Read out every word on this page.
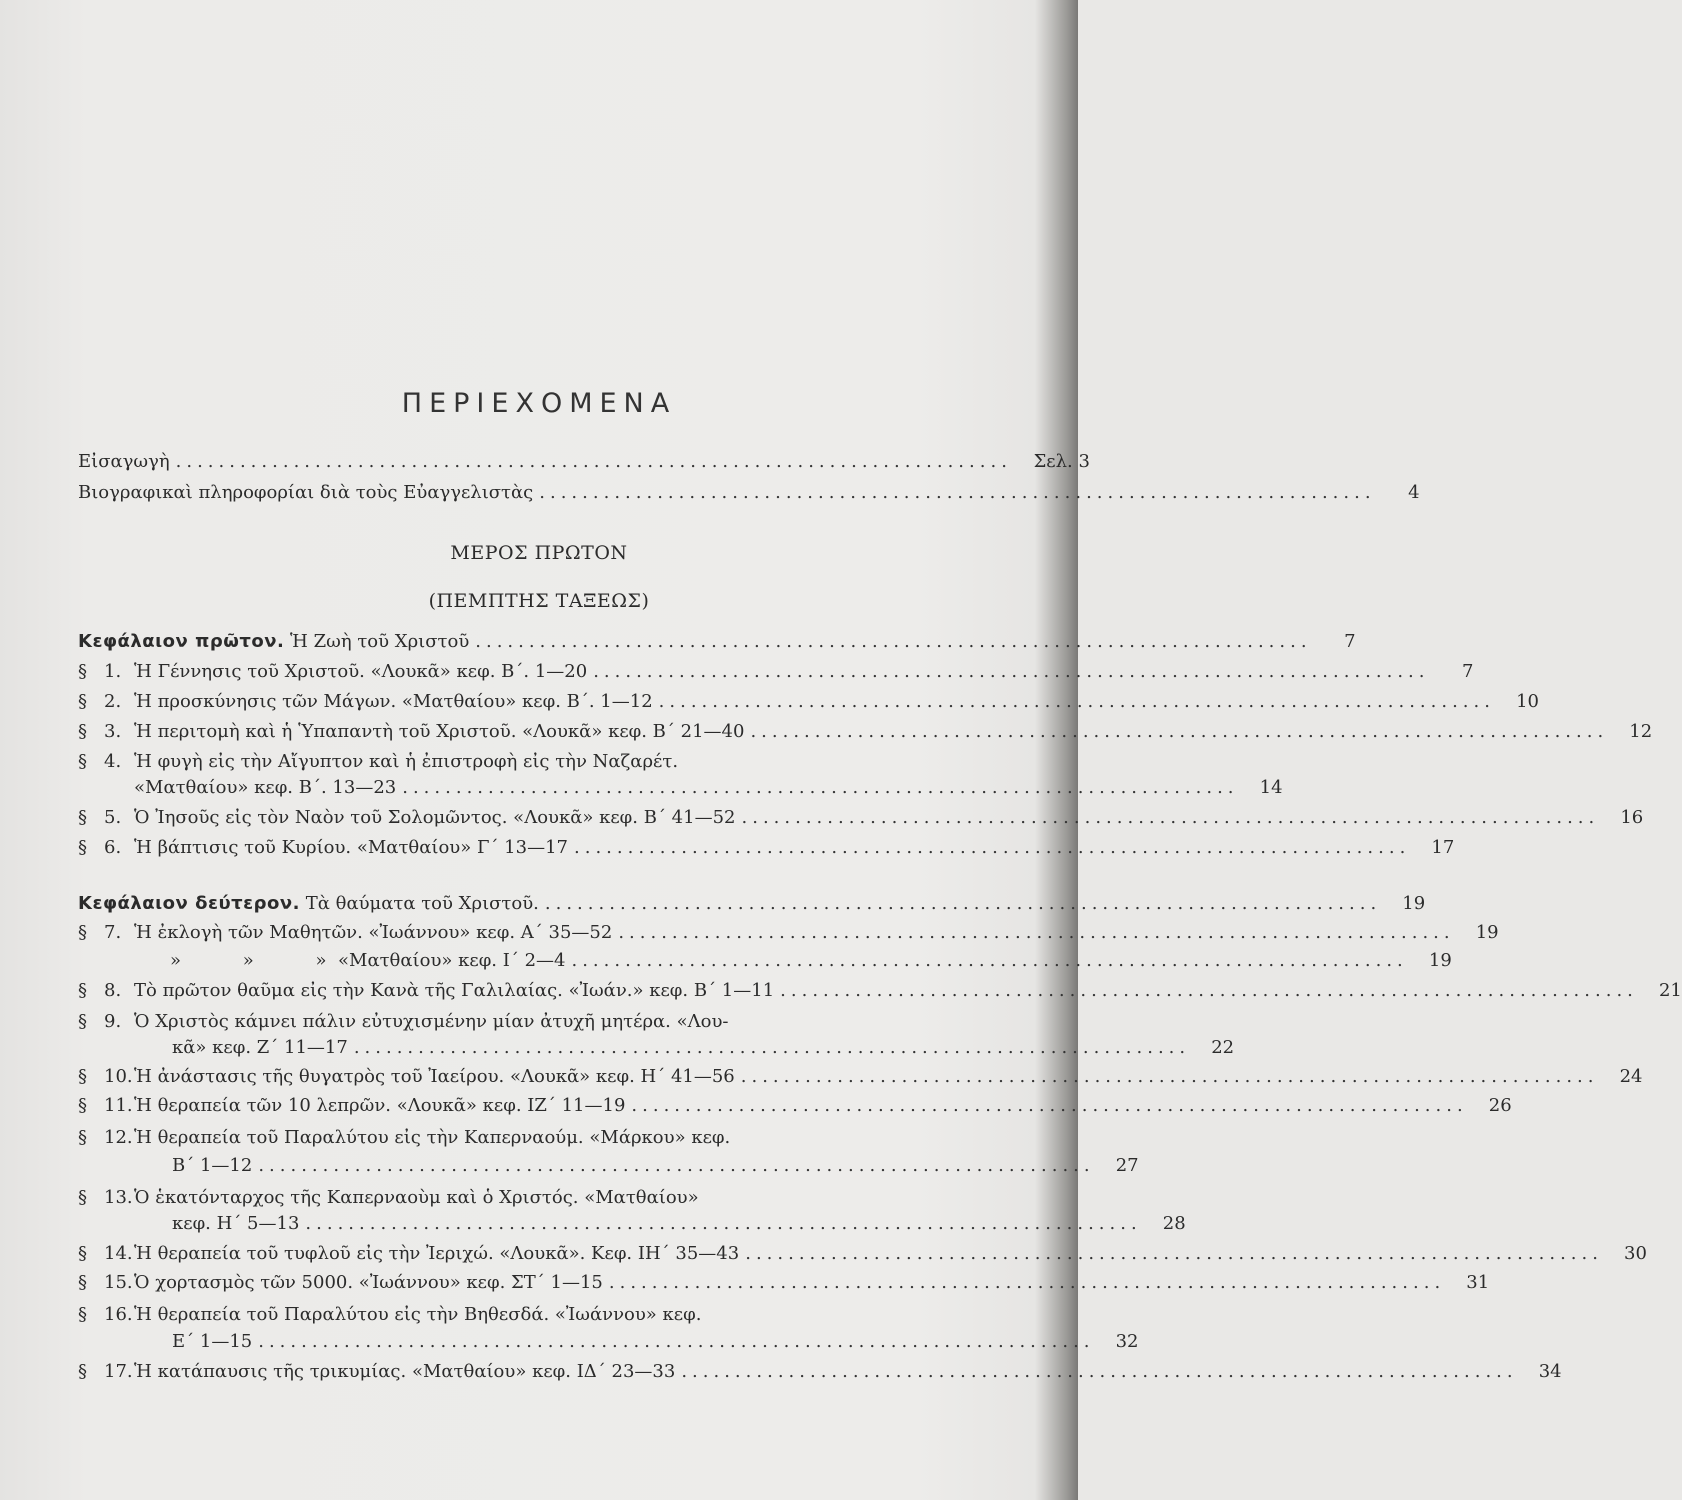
ΠΕΡΙΕΧΟΜΕΝΑ
Εἰσαγωγὴ ..............................................................................	Σελ. 3
Βιογραφικαὶ πληροφορίαι διὰ τοὺς Εὐαγγελιστὰς ..............................................................................	4
ΜΕΡΟΣ ΠΡΩΤΟΝ
(ΠΕΜΠΤΗΣ ΤΑΞΕΩΣ)
Κεφάλαιον πρῶτον. Ἡ Ζωὴ τοῦ Χριστοῦ ..............................................................................	7
§ 1. Ἡ Γέννησις τοῦ Χριστοῦ. «Λουκᾶ» κεφ. Β΄. 1—20 ..............................................................................	7
§ 2. Ἡ προσκύνησις τῶν Μάγων. «Ματθαίου» κεφ. Β΄. 1—12 ..............................................................................	10
§ 3. Ἡ περιτομὴ καὶ ἡ Ὑπαπαντὴ τοῦ Χριστοῦ. «Λουκᾶ» κεφ. Β΄ 21—40 ................................................................................	12
§ 4. Ἡ φυγὴ εἰς τὴν Αἴγυπτον καὶ ἡ ἐπιστροφὴ εἰς τὴν Ναζαρέτ.
«Ματθαίου» κεφ. Β΄. 13—23 ..............................................................................	14
§ 5. Ὁ Ἰησοῦς εἰς τὸν Ναὸν τοῦ Σολομῶντος. «Λουκᾶ» κεφ. Β΄ 41—52 ................................................................................	16
§ 6. Ἡ βάπτισις τοῦ Κυρίου. «Ματθαίου» Γ΄ 13—17 ..............................................................................	17
Κεφάλαιον δεύτερον. Τὰ θαύματα τοῦ Χριστοῦ. ..............................................................................	19
§ 7. Ἡ ἐκλογὴ τῶν Μαθητῶν. «Ἰωάννου» κεφ. Α΄ 35—52 ..............................................................................	19
» » »
«Ματθαίου» κεφ. Ι΄ 2—4 ..............................................................................	19
§ 8. Τὸ πρῶτον θαῦμα εἰς τὴν Κανὰ τῆς Γαλιλαίας. «Ἰωάν.» κεφ. Β΄ 1—11 ................................................................................	21
§ 9. Ὁ Χριστὸς κάμνει πάλιν εὐτυχισμένην μίαν ἀτυχῆ μητέρα. «Λου-
κᾶ» κεφ. Ζ΄ 11—17 ..............................................................................	22
§ 10. Ἡ ἀνάστασις τῆς θυγατρὸς τοῦ Ἰαείρου. «Λουκᾶ» κεφ. Η΄ 41—56 ................................................................................	24
§ 11. Ἡ θεραπεία τῶν 10 λεπρῶν. «Λουκᾶ» κεφ. ΙΖ΄ 11—19 ..............................................................................	26
§ 12. Ἡ θεραπεία τοῦ Παραλύτου εἰς τὴν Καπερναούμ. «Μάρκου» κεφ.
Β΄ 1—12 ..............................................................................	27
§ 13. Ὁ ἑκατόνταρχος τῆς Καπερναοὺμ καὶ ὁ Χριστός. «Ματθαίου»
κεφ. Η΄ 5—13 ..............................................................................	28
§ 14. Ἡ θεραπεία τοῦ τυφλοῦ εἰς τὴν Ἰεριχώ. «Λουκᾶ». Κεφ. ΙΗ΄ 35—43 ................................................................................	30
§ 15. Ὁ χορτασμὸς τῶν 5000. «Ἰωάννου» κεφ. ΣΤ΄ 1—15 ..............................................................................	31
§ 16. Ἡ θεραπεία τοῦ Παραλύτου εἰς τὴν Βηθεσδά. «Ἰωάννου» κεφ.
Ε΄ 1—15 ..............................................................................	32
§ 17. Ἡ κατάπαυσις τῆς τρικυμίας. «Ματθαίου» κεφ. ΙΔ΄ 23—33 ..............................................................................	34
